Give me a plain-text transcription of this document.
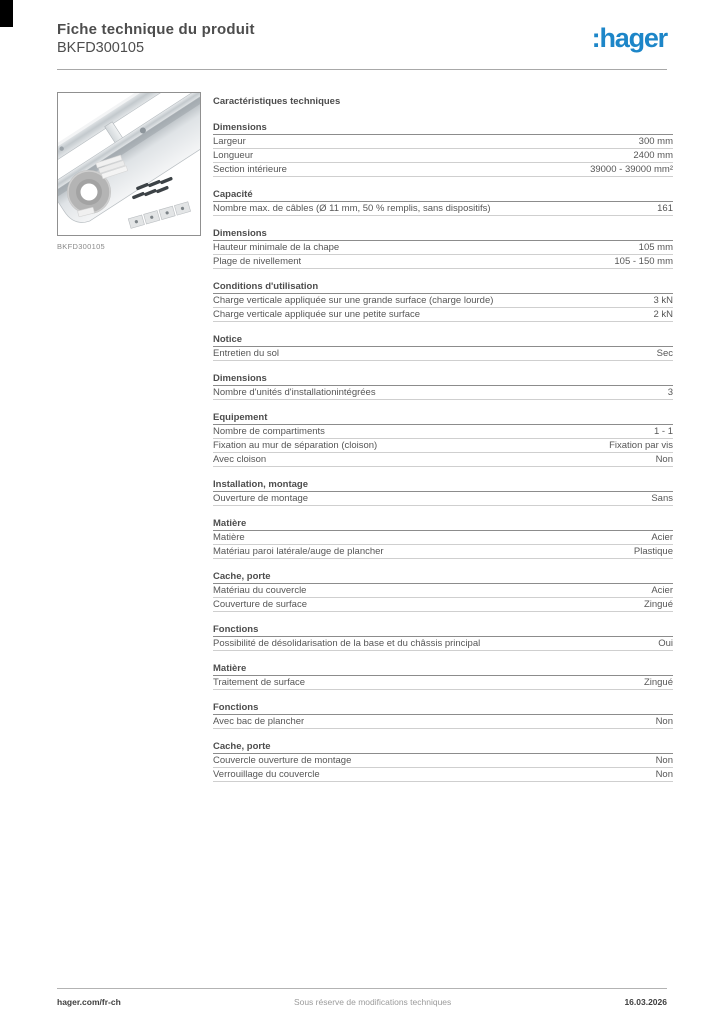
Fiche technique du produit
BKFD300105	:hager
BKFD300105
Caractéristiques techniques
Dimensions
Largeur	300 mm
Longueur	2400 mm
Section intérieure	39000 - 39000 mm²
Capacité
Nombre max. de câbles (Ø 11 mm, 50 % remplis, sans dispositifs)	161
Dimensions
Hauteur minimale de la chape	105 mm
Plage de nivellement	105 - 150 mm
Conditions d'utilisation
Charge verticale appliquée sur une grande surface (charge lourde)	3 kN
Charge verticale appliquée sur une petite surface	2 kN
Notice
Entretien du sol	Sec
Dimensions
Nombre d'unités d'installationintégrées	3
Equipement
Nombre de compartiments	1 - 1
Fixation au mur de séparation (cloison)	Fixation par vis
Avec cloison	Non
Installation, montage
Ouverture de montage	Sans
Matière
Matière	Acier
Matériau paroi latérale/auge de plancher	Plastique
Cache, porte
Matériau du couvercle	Acier
Couverture de surface	Zingué
Fonctions
Possibilité de désolidarisation de la base et du châssis principal	Oui
Matière
Traitement de surface	Zingué
Fonctions
Avec bac de plancher	Non
Cache, porte
Couvercle ouverture de montage	Non
Verrouillage du couvercle	Non
hager.com/fr-ch	Sous réserve de modifications techniques	16.03.2026
